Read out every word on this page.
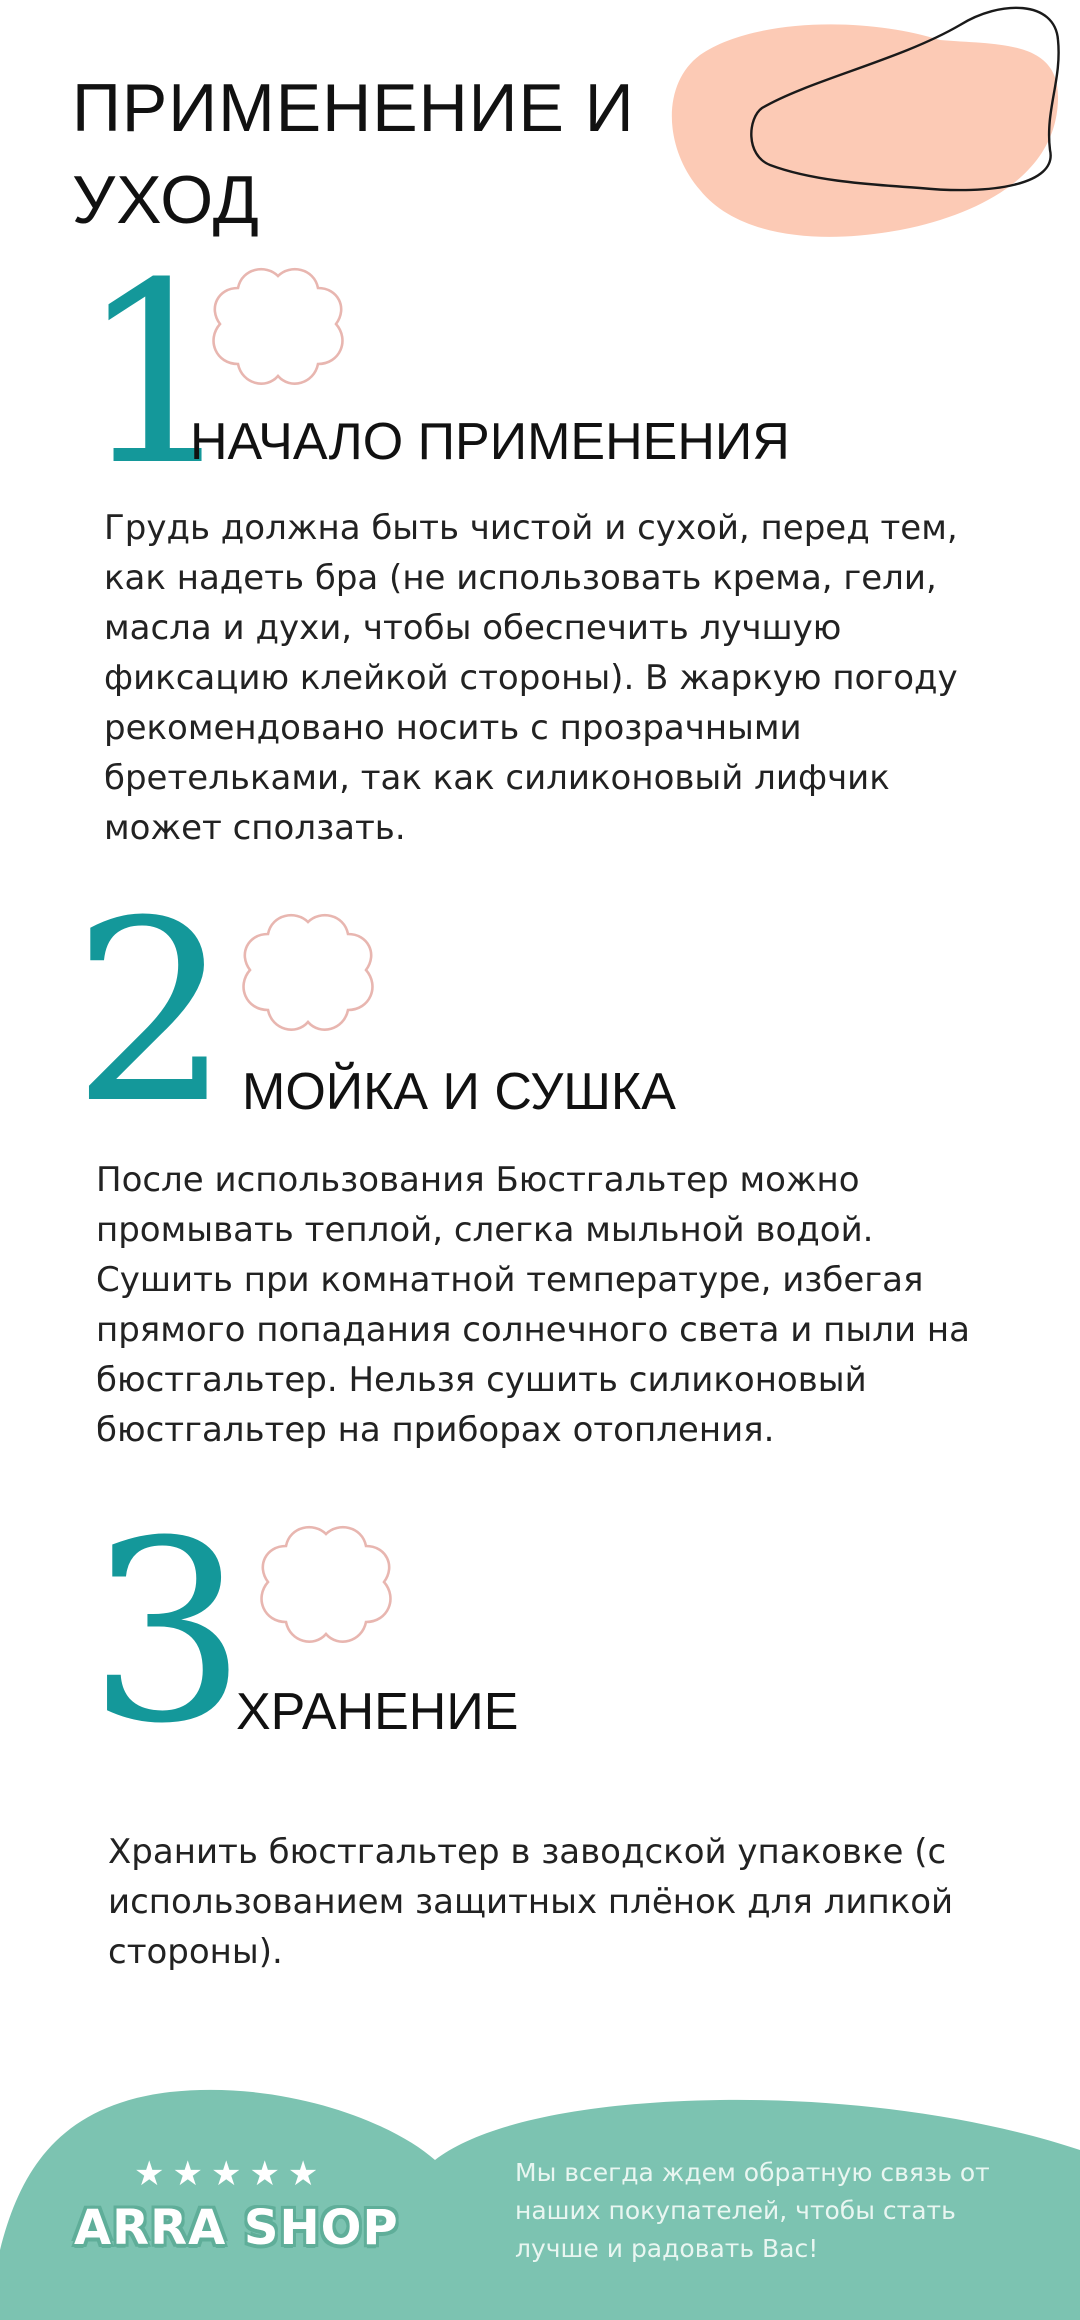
ПРИМЕНЕНИЕ И УХОД
1
НАЧАЛО ПРИМЕНЕНИЯ

Грудь должна быть чистой и сухой, перед тем, как надеть бра (не использовать крема, гели, масла и духи, чтобы обеспечить лучшую фиксацию клейкой стороны). В жаркую погоду рекомендовано носить с прозрачными бретельками, так как силиконовый лифчик может сползать.

2 МОЙКА И СУШКА

После использования Бюстгальтер можно промывать теплой, слегка мыльной водой. Сушить при комнатной температуре, избегая прямого попадания солнечного света и пыли на бюстгальтер. Нельзя сушить силиконовый бюстгальтер на приборах отопления.

3
ХРАНЕНИЕ

Хранить бюстгальтер в заводской упаковке (с использованием защитных плёнок для липкой стороны).

★★★★★
ARRA SHOP

Мы всегда ждем обратную связь от наших покупателей, чтобы стать лучше и радовать Вас!
